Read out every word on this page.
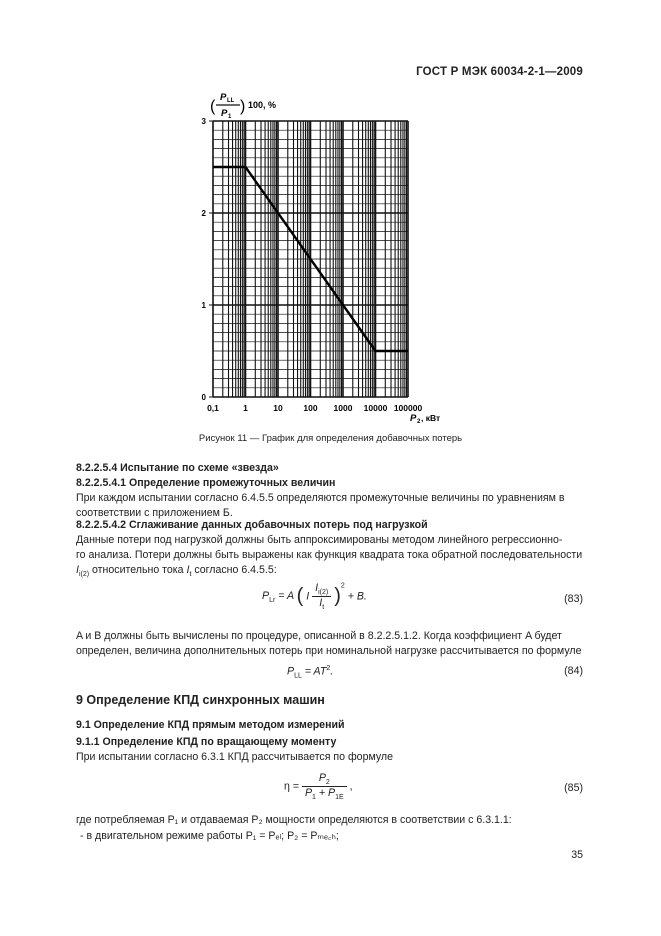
ГОСТ Р МЭК 60034-2-1—2009
0
1
2
3
0,1	1	10 100 1000 10000 100000
P LL
P 1
( ) 100, %
P 2 , кВт
Рисунок 11 — График для определения добавочных потерь
8.2.2.5.4 Испытание по схеме «звезда»
8.2.2.5.4.1 Определение промежуточных величин
При каждом испытании согласно 6.4.5.5 определяются промежуточные величины по уравнениям в соответствии с приложением Б.
8.2.2.5.4.2 Сглаживание данных добавочных потерь под нагрузкой
Данные потери под нагрузкой должны быть аппроксимированы методом линейного регрессионно-
го анализа. Потери должны быть выражены как функция квадрата тока обратной последовательности
$I_{i(2)}$ относительно тока $I_t$ согласно 6.4.5.5:
$P_{Lr} = A$ ( I $\frac{I_{i(2)}}{I_t} )^2 + B$.	(83)
A и B должны быть вычислены по процедуре, описанной в 8.2.2.5.1.2. Когда коэффициент A будет
определен, величина дополнительных потерь при номинальной нагрузке рассчитывается по формуле
$P_{LL} = AT^2$.	(84)
9 Определение КПД синхронных машин
9.1 Определение КПД прямым методом измерений
9.1.1 Определение КПД по вращающему моменту
При испытании согласно 6.3.1 КПД рассчитывается по формуле
$\eta = \frac{P_2}{P_1 + P_{1E}}$ ,	(85)
где потребляемая P₁ и отдаваемая P₂ мощности определяются в соответствии с 6.3.1.1:
- в двигательном режиме работы P₁ = Pₑₗ; P₂ = Pₘₑ꜀ₕ;
35
